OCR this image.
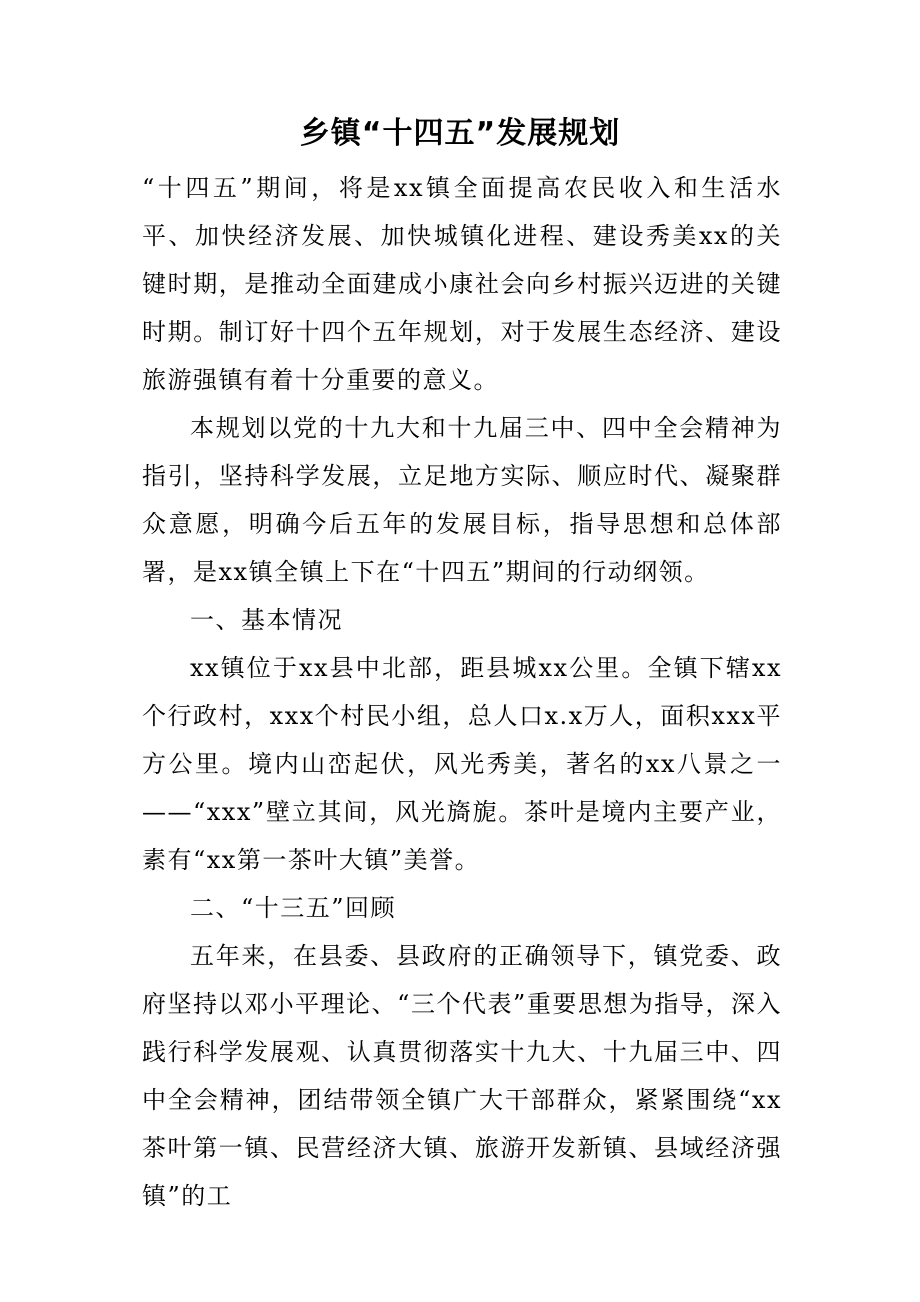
乡镇“十四五”发展规划

“十四五”期间，将是xx镇全面提高农民收入和生活水平、加快经济发展、加快城镇化进程、建设秀美xx的关键时期，是推动全面建成小康社会向乡村振兴迈进的关键时期。制订好十四个五年规划，对于发展生态经济、建设旅游强镇有着十分重要的意义。

本规划以党的十九大和十九届三中、四中全会精神为指引，坚持科学发展，立足地方实际、顺应时代、凝聚群众意愿，明确今后五年的发展目标，指导思想和总体部署，是xx镇全镇上下在“十四五”期间的行动纲领。

一、基本情况

xx镇位于xx县中北部，距县城xx公里。全镇下辖xx个行政村，xxx个村民小组，总人口x.x万人，面积xxx平方公里。境内山峦起伏，风光秀美，著名的xx八景之一——“xxx”壁立其间，风光旖旎。茶叶是境内主要产业，素有“xx第一茶叶大镇”美誉。

二、“十三五”回顾

五年来，在县委、县政府的正确领导下，镇党委、政府坚持以邓小平理论、“三个代表”重要思想为指导，深入践行科学发展观、认真贯彻落实十九大、十九届三中、四中全会精神，团结带领全镇广大干部群众，紧紧围绕“xx茶叶第一镇、民营经济大镇、旅游开发新镇、县域经济强镇”的工
